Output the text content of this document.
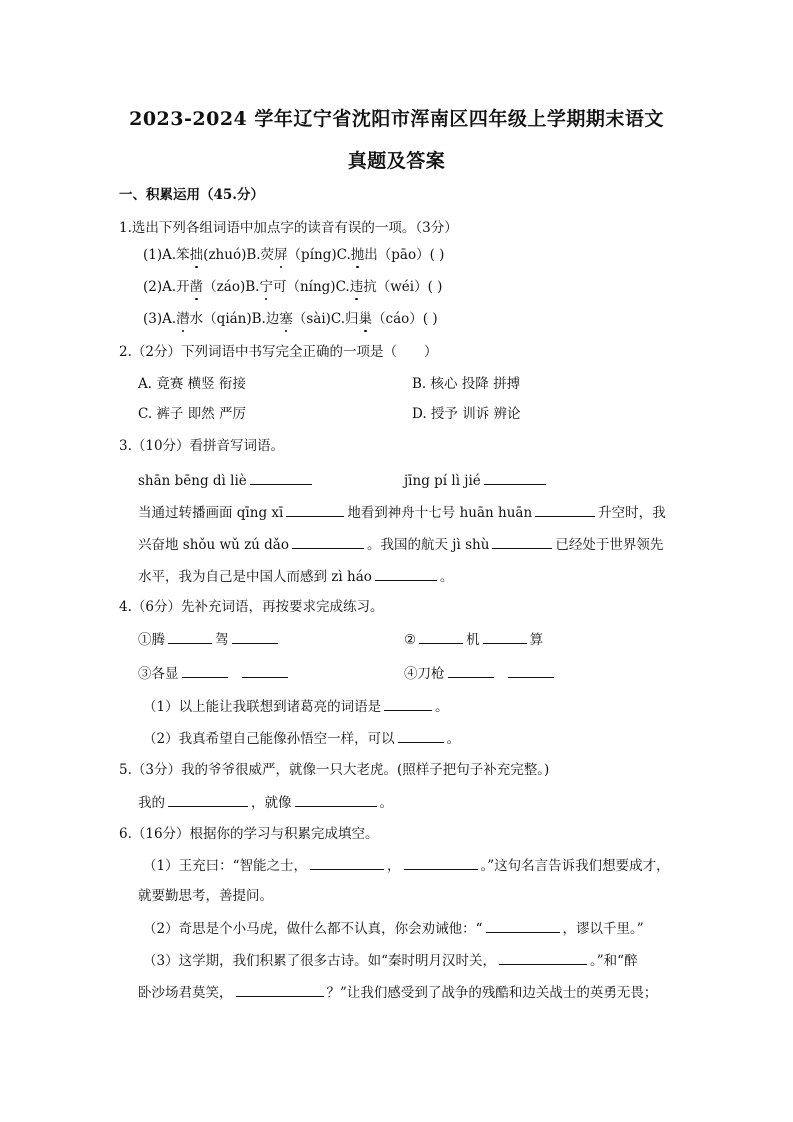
2023-2024 学年辽宁省沈阳市浑南区四年级上学期期末语文
真题及答案
一、积累运用（45.分）
1.选出下列各组词语中加点字的读音有误的一项。（3分）
(1)A.笨拙(zhuó)B.荧屏（píng)C.抛出（pāo）( )
(2)A.开凿（záo)B.宁可（níng)C.违抗（wéi）( )
(3)A.潜水（qián)B.边塞（sài)C.归巢（cáo）( )
2.（2分）下列词语中书写完全正确的一项是（　　）
A. 竟赛 横竖 衔接	B. 核心 投降 拼搏
C. 裤子 即然 严厉	D. 授予 训诉 辨论
3.（10分）看拼音写词语。
shān bēng dì liè	jīng pí lì jié
当通过转播画面 qīng xī	地看到神舟十七号 huān huān	升空时，我
兴奋地 shǒu wǔ zú dǎo	。我国的航天 jì shù	已经处于世界领先
水平，我为自己是中国人而感到 zì háo	。
4.（6分）先补充词语，再按要求完成练习。
①腾	驾	②	机	算
③各显	④刀枪
（1）以上能让我联想到诸葛亮的词语是	。
（2）我真希望自己能像孙悟空一样，可以	。
5.（3分）我的爷爷很威严，就像一只大老虎。(照样子把句子补充完整。)
我的	，就像	。
6.（16分）根据你的学习与积累完成填空。
（1）王充曰：“智能之士，	，	。”这句名言告诉我们想要成才，
就要勤思考，善提问。
（2）奇思是个小马虎，做什么都不认真，你会劝诫他：“	，谬以千里。”
（3）这学期，我们积累了很多古诗。如“秦时明月汉时关，	。”和“醉
卧沙场君莫笑，	？”让我们感受到了战争的残酷和边关战士的英勇无畏；
